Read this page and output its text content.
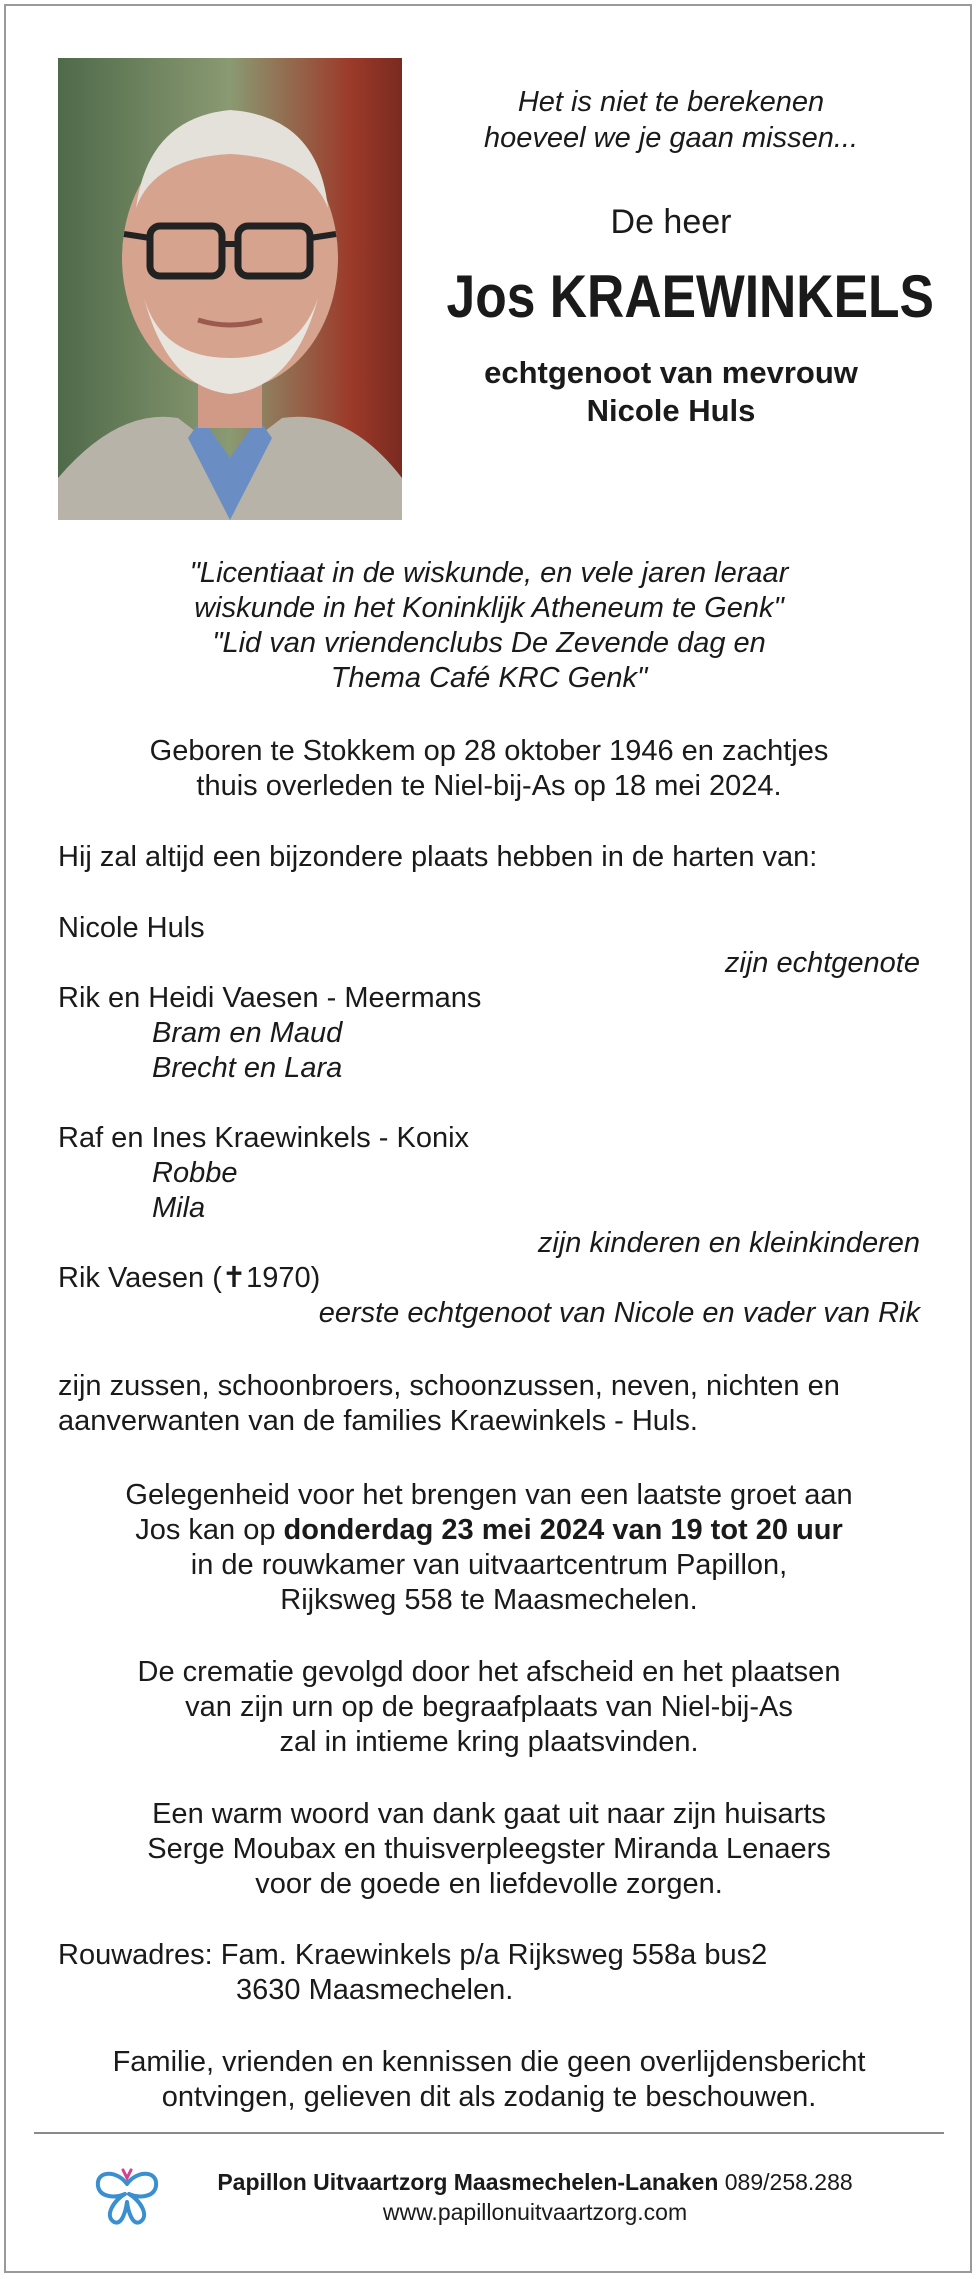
Het is niet te berekenen
hoeveel we je gaan missen...
De heer
Jos KRAEWINKELS
echtgenoot van mevrouw
Nicole Huls
"Licentiaat in de wiskunde, en vele jaren leraar
wiskunde in het Koninklijk Atheneum te Genk"
"Lid van vriendenclubs De Zevende dag en
Thema Café KRC Genk"
Geboren te Stokkem op 28 oktober 1946 en zachtjes
thuis overleden te Niel-bij-As op 18 mei 2024.
Hij zal altijd een bijzondere plaats hebben in de harten van:
Nicole Huls
zijn echtgenote
Rik en Heidi Vaesen - Meermans
Bram en Maud
Brecht en Lara
Raf en Ines Kraewinkels - Konix
Robbe
Mila
zijn kinderen en kleinkinderen
Rik Vaesen (✝1970)
eerste echtgenoot van Nicole en vader van Rik
zijn zussen, schoonbroers, schoonzussen, neven, nichten en
aanverwanten van de families Kraewinkels - Huls.
Gelegenheid voor het brengen van een laatste groet aan
Jos kan op donderdag 23 mei 2024 van 19 tot 20 uur
in de rouwkamer van uitvaartcentrum Papillon,
Rijksweg 558 te Maasmechelen.
De crematie gevolgd door het afscheid en het plaatsen
van zijn urn op de begraafplaats van Niel-bij-As
zal in intieme kring plaatsvinden.
Een warm woord van dank gaat uit naar zijn huisarts
Serge Moubax en thuisverpleegster Miranda Lenaers
voor de goede en liefdevolle zorgen.
Rouwadres: Fam. Kraewinkels p/a Rijksweg 558a bus2
3630 Maasmechelen.
Familie, vrienden en kennissen die geen overlijdensbericht
ontvingen, gelieven dit als zodanig te beschouwen.
Papillon Uitvaartzorg Maasmechelen-Lanaken 089/258.288
www.papillonuitvaartzorg.com
